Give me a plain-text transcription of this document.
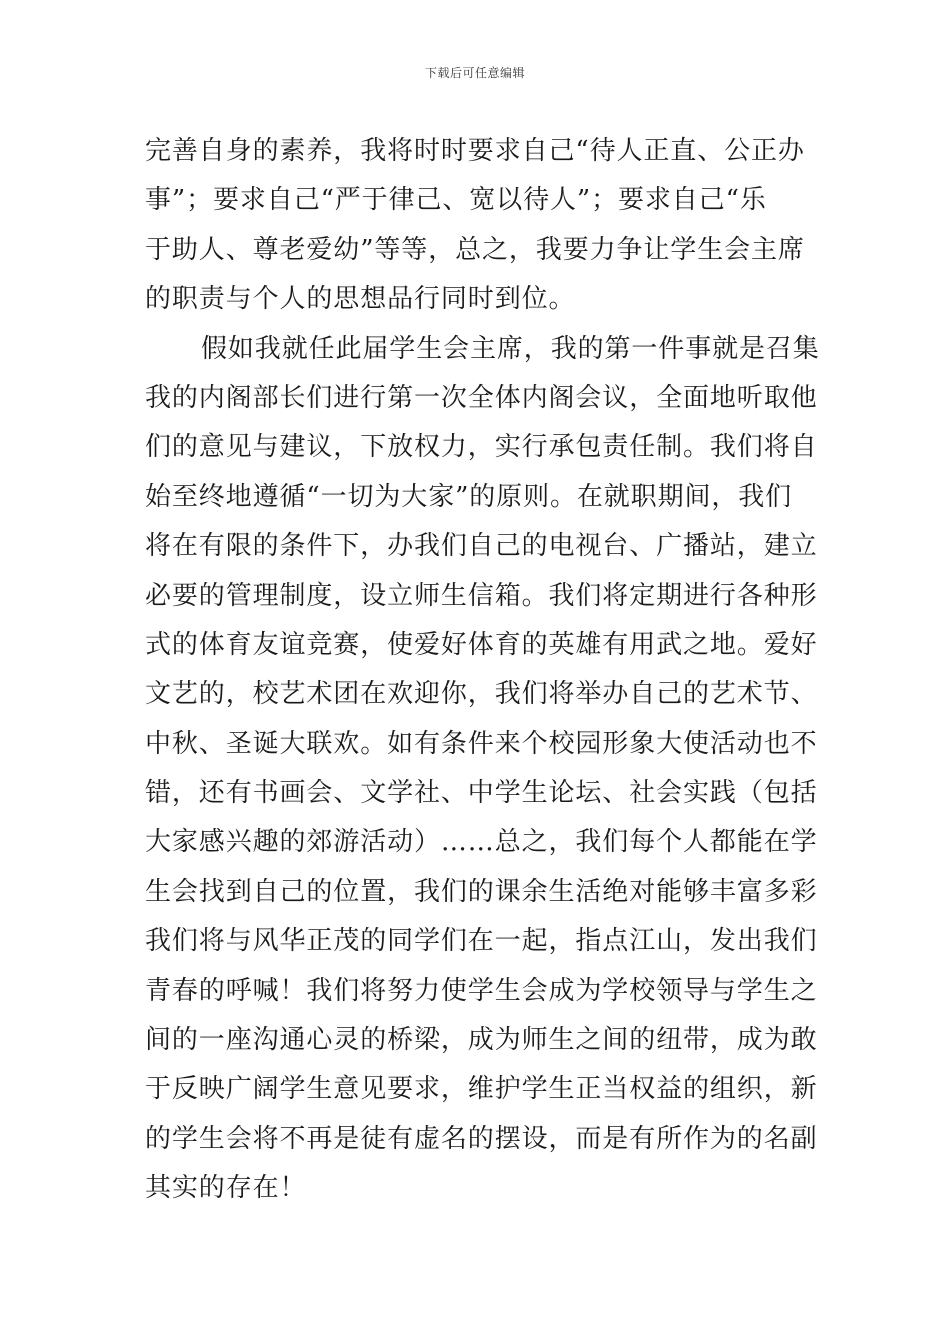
下载后可任意编辑
完善自身的素养，我将时时要求自己“待人正直、公正办
事”；要求自己“严于律己、宽以待人”；要求自己“乐
于助人、尊老爱幼”等等，总之，我要力争让学生会主席
的职责与个人的思想品行同时到位。
假如我就任此届学生会主席，我的第一件事就是召集
我的内阁部长们进行第一次全体内阁会议，全面地听取他
们的意见与建议，下放权力，实行承包责任制。我们将自
始至终地遵循“一切为大家”的原则。在就职期间，我们
将在有限的条件下，办我们自己的电视台、广播站，建立
必要的管理制度，设立师生信箱。我们将定期进行各种形
式的体育友谊竞赛，使爱好体育的英雄有用武之地。爱好
文艺的，校艺术团在欢迎你，我们将举办自己的艺术节、
中秋、圣诞大联欢。如有条件来个校园形象大使活动也不
错，还有书画会、文学社、中学生论坛、社会实践（包括
大家感兴趣的郊游活动）……总之，我们每个人都能在学
生会找到自己的位置，我们的课余生活绝对能够丰富多彩
我们将与风华正茂的同学们在一起，指点江山，发出我们
青春的呼喊！我们将努力使学生会成为学校领导与学生之
间的一座沟通心灵的桥梁，成为师生之间的纽带，成为敢
于反映广阔学生意见要求，维护学生正当权益的组织，新
的学生会将不再是徒有虚名的摆设，而是有所作为的名副
其实的存在！
